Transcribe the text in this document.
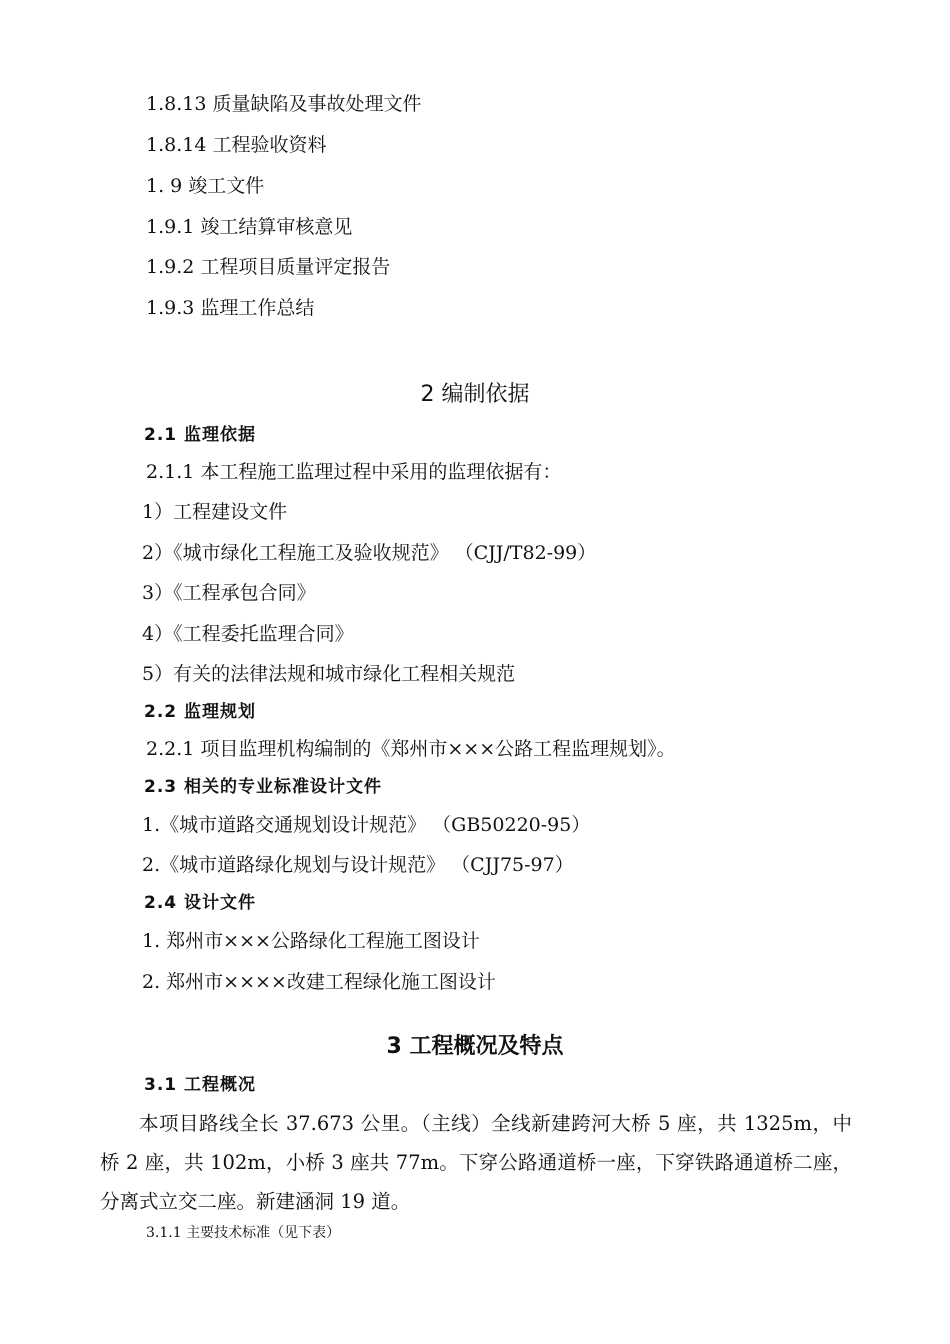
1.8.13 质量缺陷及事故处理文件
1.8.14 工程验收资料
1. 9 竣工文件
1.9.1 竣工结算审核意见
1.9.2 工程项目质量评定报告
1.9.3 监理工作总结
2 编制依据
2.1 监理依据
2.1.1 本工程施工监理过程中采用的监理依据有：
1）工程建设文件
2）《城市绿化工程施工及验收规范》 （CJJ/T82-99）
3）《工程承包合同》
4）《工程委托监理合同》
5）有关的法律法规和城市绿化工程相关规范
2.2 监理规划
2.2.1 项目监理机构编制的《郑州市×××公路工程监理规划》。
2.3 相关的专业标准设计文件
1.《城市道路交通规划设计规范》 （GB50220-95）
2.《城市道路绿化规划与设计规范》 （CJJ75-97）
2.4 设计文件
1. 郑州市×××公路绿化工程施工图设计
2. 郑州市××××改建工程绿化施工图设计
3 工程概况及特点
3.1 工程概况
本项目路线全长 37.673 公里。（主线）全线新建跨河大桥 5 座，共 1325m，中桥 2 座，共 102m，小桥 3 座共 77m。下穿公路通道桥一座，下穿铁路通道桥二座，分离式立交二座。新建涵洞 19 道。
3.1.1 主要技术标准（见下表）
